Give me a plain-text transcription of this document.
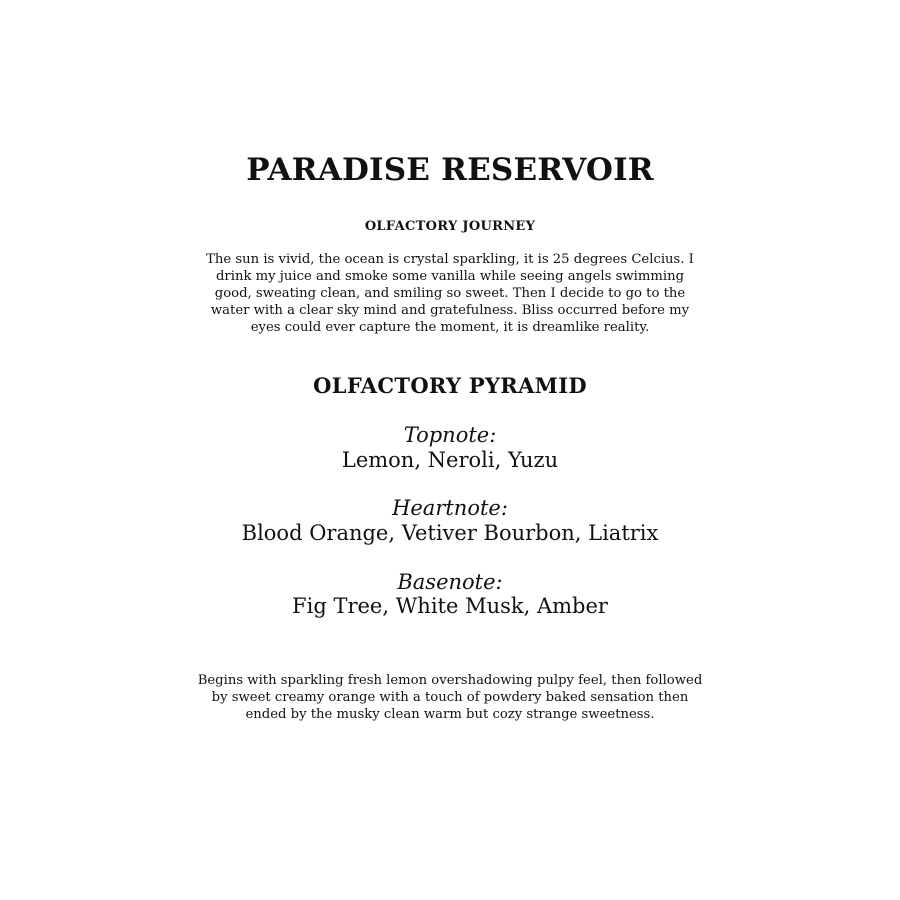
PARADISE RESERVOIR
OLFACTORY JOURNEY

The sun is vivid, the ocean is crystal sparkling, it is 25 degrees Celcius. I
drink my juice and smoke some vanilla while seeing angels swimming
good, sweating clean, and smiling so sweet. Then I decide to go to the
water with a clear sky mind and gratefulness. Bliss occurred before my
eyes could ever capture the moment, it is dreamlike reality.

OLFACTORY PYRAMID
Topnote:
Lemon, Neroli, Yuzu
Heartnote:
Blood Orange, Vetiver Bourbon, Liatrix
Basenote:
Fig Tree, White Musk, Amber

Begins with sparkling fresh lemon overshadowing pulpy feel, then followed
by sweet creamy orange with a touch of powdery baked sensation then
ended by the musky clean warm but cozy strange sweetness.
